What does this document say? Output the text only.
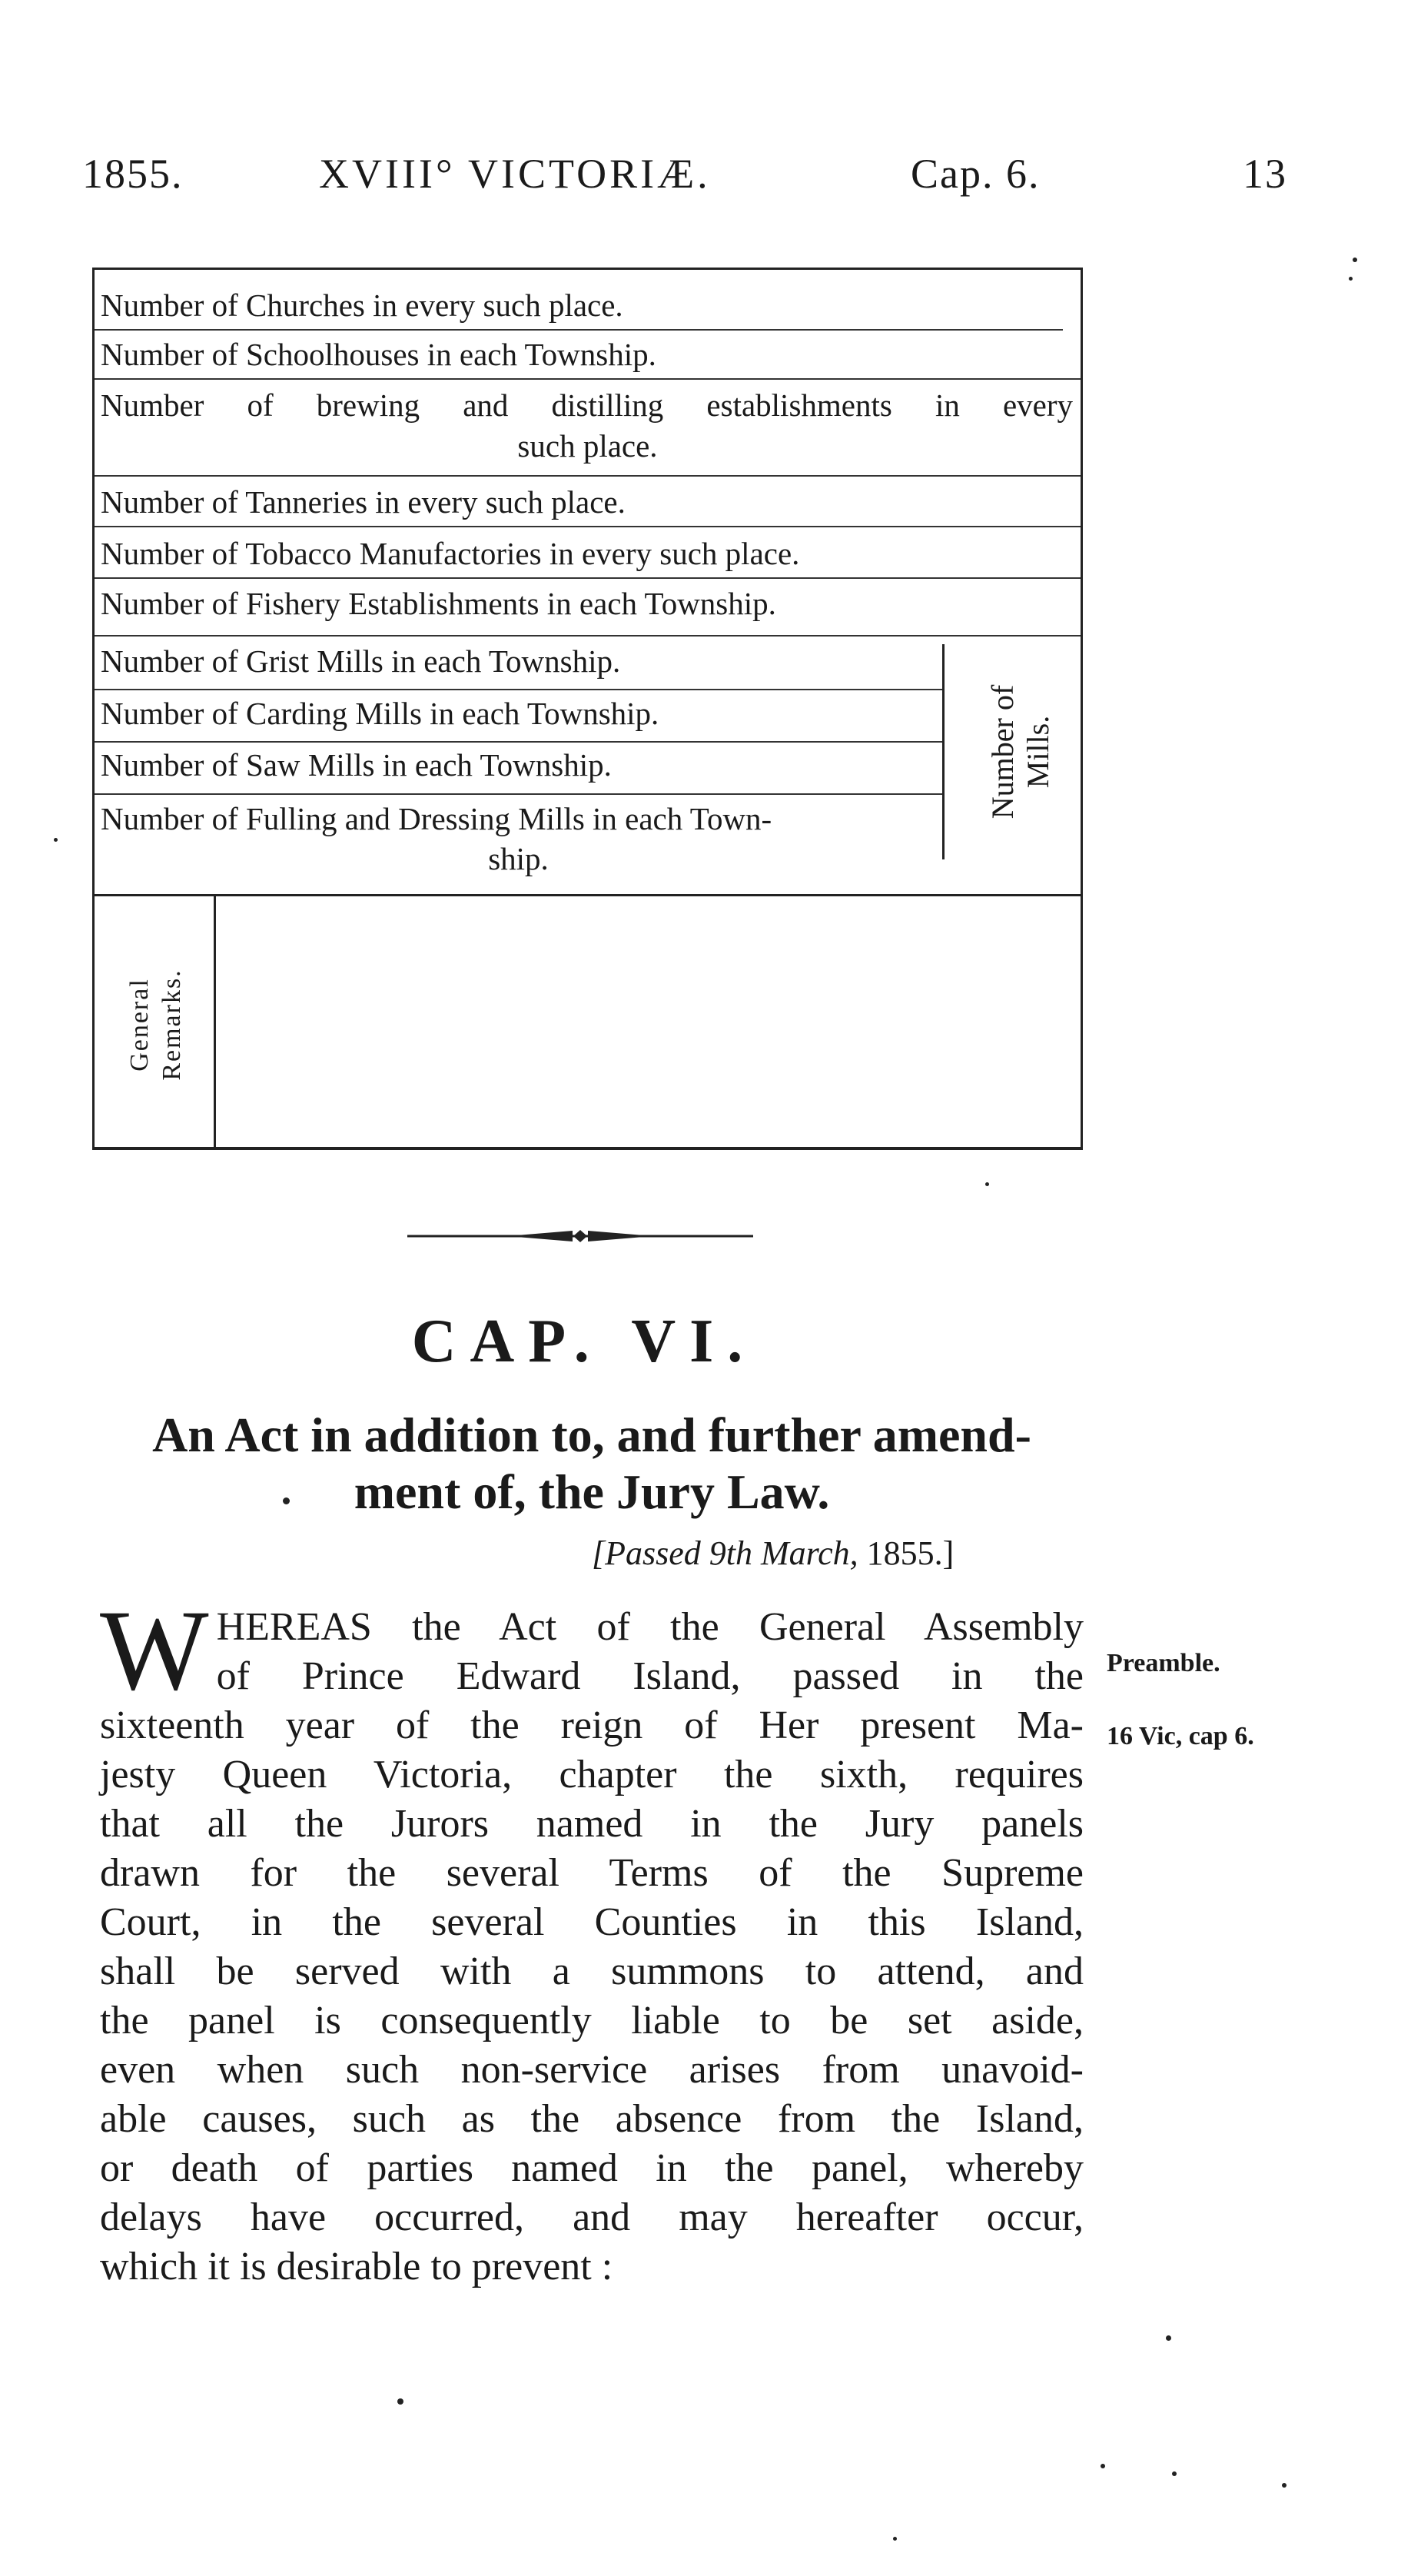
1855.	XVIII° VICTORIÆ.	Cap. 6.	13
Number of Churches in every such place.
Number of Schoolhouses in each Township.
Number of brewing and distilling establishments in every
such place.
Number of Tanneries in every such place.
Number of Tobacco Manufactories in every such place.
Number of Fishery Establishments in each Township.
Number of Grist Mills in each Township.
Number of Carding Mills in each Township.
Number of Saw Mills in each Township.
Number of Fulling and Dressing Mills in each Town-
ship.
Number of
Mills.
General
Remarks.
CAP. VI.
An Act in addition to, and further amend-
ment of, the Jury Law.
[Passed 9th March, 1855.]
Preamble.
16 Vic, cap 6.
W HEREAS the Act of the General Assembly
of Prince Edward Island, passed in the
sixteenth year of the reign of Her present Ma-
jesty Queen Victoria, chapter the sixth, requires
that all the Jurors named in the Jury panels
drawn for the several Terms of the Supreme
Court, in the several Counties in this Island,
shall be served with a summons to attend, and
the panel is consequently liable to be set aside,
even when such non-service arises from unavoid-
able causes, such as the absence from the Island,
or death of parties named in the panel, whereby
delays have occurred, and may hereafter occur,
which it is desirable to prevent :
